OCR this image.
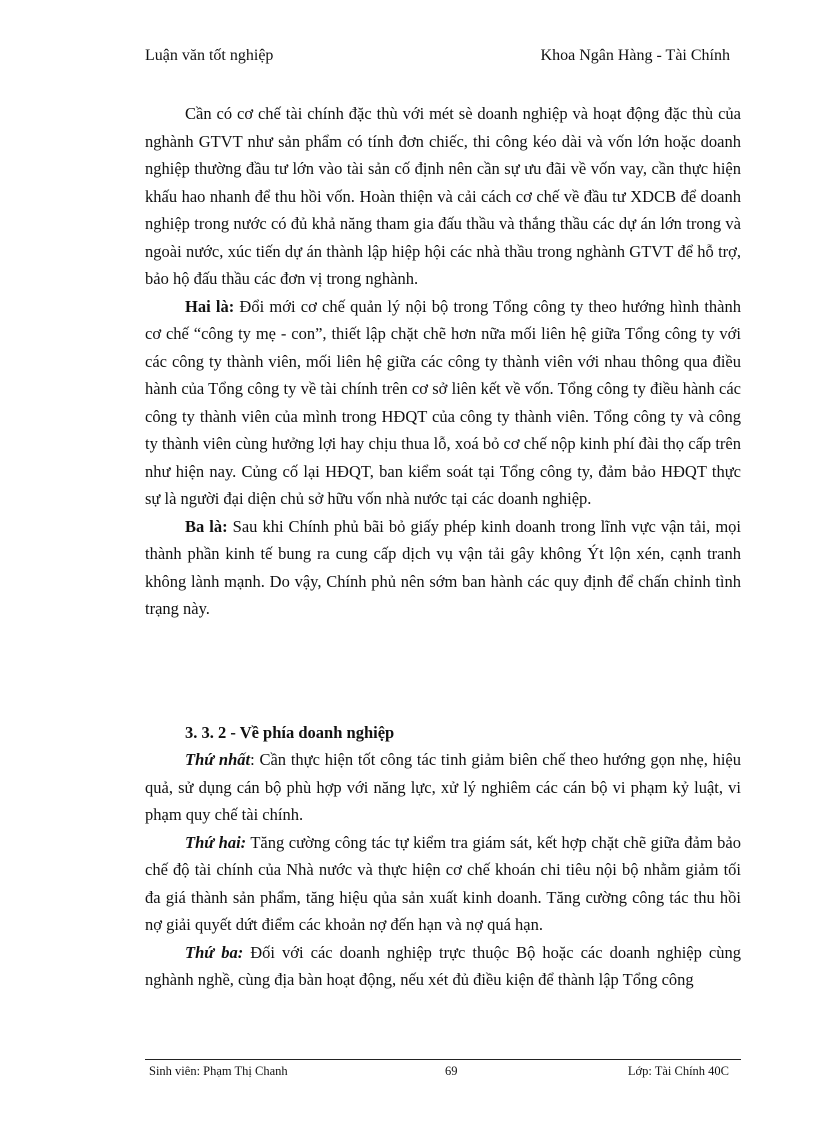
Luận văn tốt nghiệp	Khoa Ngân Hàng - Tài Chính

Cần có cơ chế tài chính đặc thù với mét sè doanh nghiệp và hoạt động đặc thù của nghành GTVT như sản phẩm có tính đơn chiếc, thi công kéo dài và vốn lớn hoặc doanh nghiệp thường đầu tư lớn vào tài sản cố định nên cần sự ưu đãi về vốn vay, cần thực hiện khấu hao nhanh để thu hồi vốn. Hoàn thiện và cải cách cơ chế về đầu tư XDCB để doanh nghiệp trong nước có đủ khả năng tham gia đấu thầu và thắng thầu các dự án lớn trong và ngoài nước, xúc tiến dự án thành lập hiệp hội các nhà thầu trong nghành GTVT để hỗ trợ, bảo hộ đấu thầu các đơn vị trong nghành.

Hai là: Đổi mới cơ chế quản lý nội bộ trong Tổng công ty theo hướng hình thành cơ chế “công ty mẹ - con”, thiết lập chặt chẽ hơn nữa mối liên hệ giữa Tổng công ty với các công ty thành viên, mối liên hệ giữa các công ty thành viên với nhau thông qua điều hành của Tổng công ty về tài chính trên cơ sở liên kết về vốn. Tổng công ty điều hành các công ty thành viên của mình trong HĐQT của công ty thành viên. Tổng công ty và công ty thành viên cùng hưởng lợi hay chịu thua lỗ, xoá bỏ cơ chế nộp kinh phí đài thọ cấp trên như hiện nay. Củng cố lại HĐQT, ban kiểm soát tại Tổng công ty, đảm bảo HĐQT thực sự là người đại diện chủ sở hữu vốn nhà nước tại các doanh nghiệp.

Ba là: Sau khi Chính phủ bãi bỏ giấy phép kinh doanh trong lĩnh vực vận tải, mọi thành phần kinh tế bung ra cung cấp dịch vụ vận tải gây không Ýt lộn xén, cạnh tranh không lành mạnh. Do vậy, Chính phủ nên sớm ban hành các quy định để chấn chỉnh tình trạng này.

3. 3. 2 - Về phía doanh nghiệp

Thứ nhất: Cần thực hiện tốt công tác tinh giảm biên chế theo hướng gọn nhẹ, hiệu quả, sử dụng cán bộ phù hợp với năng lực, xử lý nghiêm các cán bộ vi phạm kỷ luật, vi phạm quy chế tài chính.

Thứ hai: Tăng cường công tác tự kiểm tra giám sát, kết hợp chặt chẽ giữa đảm bảo chế độ tài chính của Nhà nước và thực hiện cơ chế khoán chi tiêu nội bộ nhằm giảm tối đa giá thành sản phẩm, tăng hiệu qủa sản xuất kinh doanh. Tăng cường công tác thu hồi nợ giải quyết dứt điểm các khoản nợ đến hạn và nợ quá hạn.

Thứ ba: Đối với các doanh nghiệp trực thuộc Bộ hoặc các doanh nghiệp cùng nghành nghề, cùng địa bàn hoạt động, nếu xét đủ điều kiện để thành lập Tổng công

Sinh viên: Phạm Thị Chanh	69	Lớp: Tài Chính 40C
